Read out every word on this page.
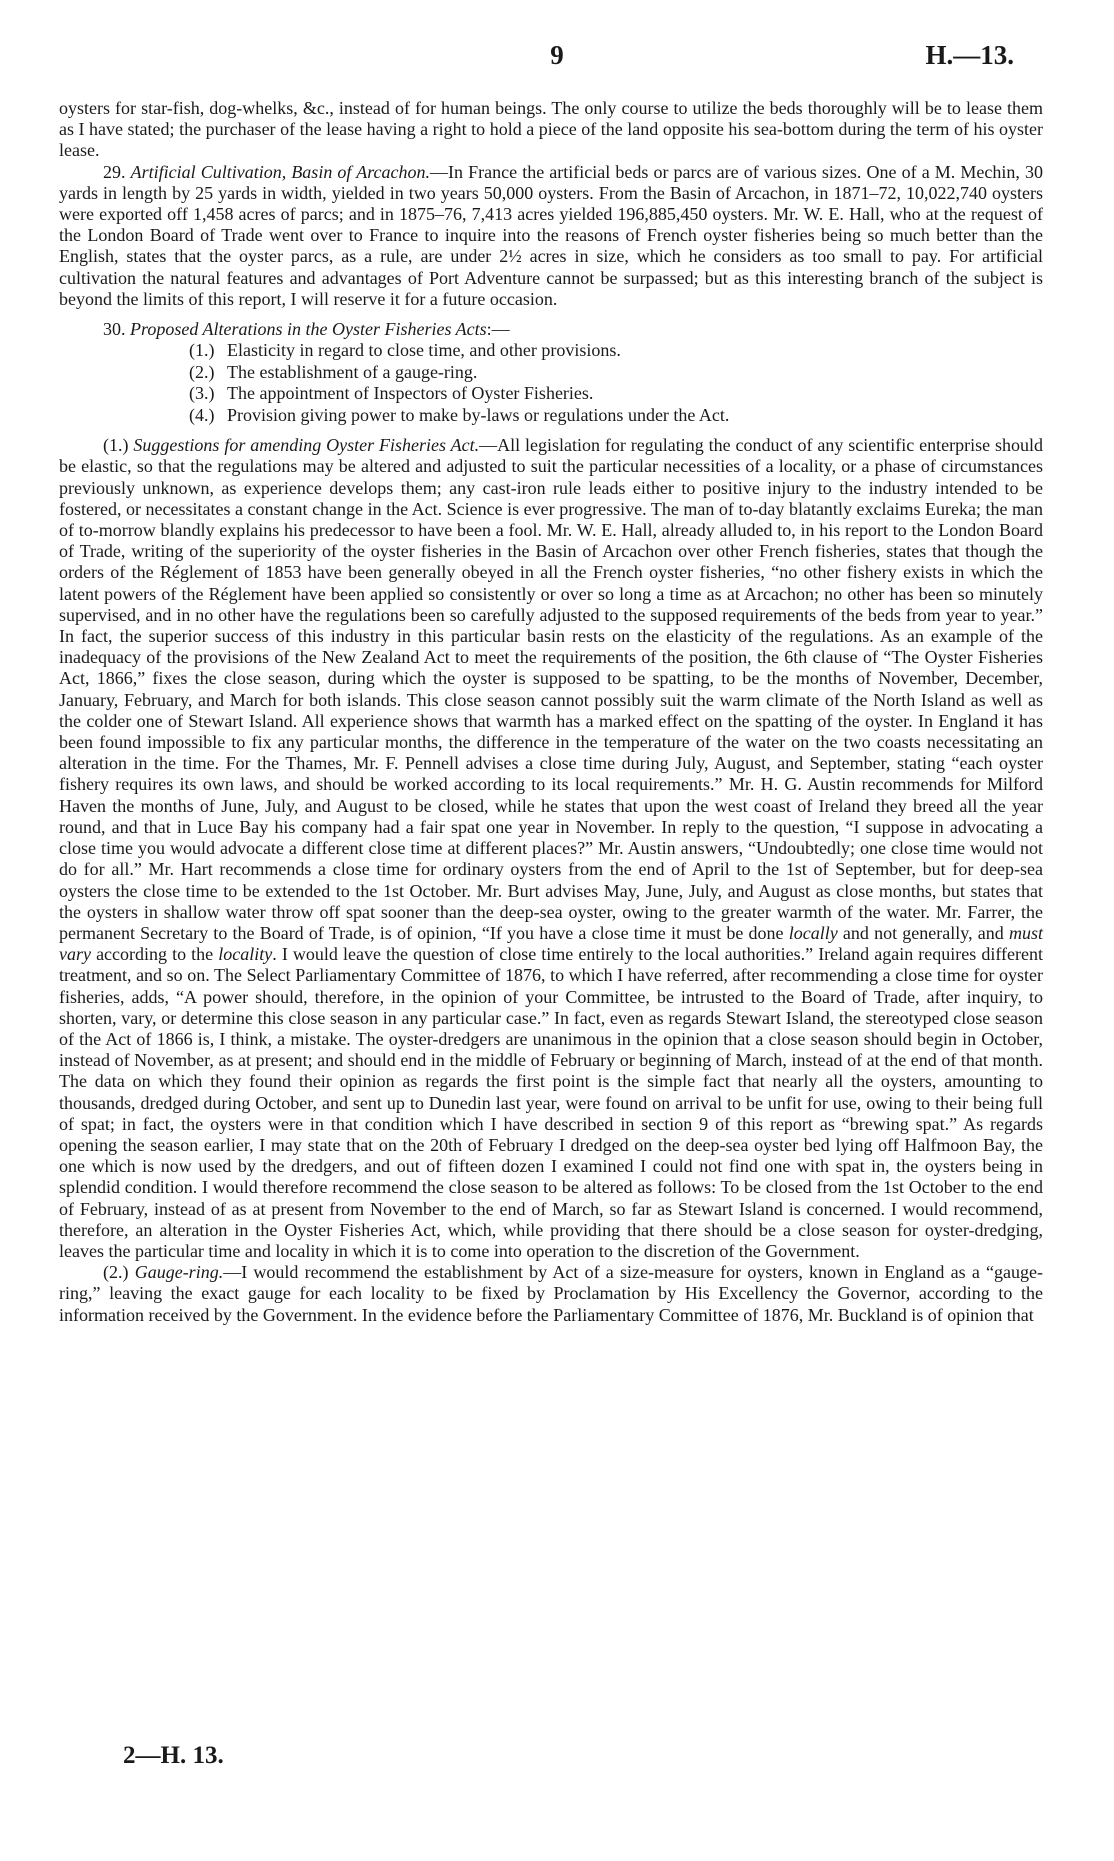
9	H.—13.

oysters for star-fish, dog-whelks, &c., instead of for human beings. The only course to utilize the beds thoroughly will be to lease them as I have stated; the purchaser of the lease having a right to hold a piece of the land opposite his sea-bottom during the term of his oyster lease.

29. Artificial Cultivation, Basin of Arcachon.—In France the artificial beds or parcs are of various sizes. One of a M. Mechin, 30 yards in length by 25 yards in width, yielded in two years 50,000 oysters. From the Basin of Arcachon, in 1871–72, 10,022,740 oysters were exported off 1,458 acres of parcs; and in 1875–76, 7,413 acres yielded 196,885,450 oysters. Mr. W. E. Hall, who at the request of the London Board of Trade went over to France to inquire into the reasons of French oyster fisheries being so much better than the English, states that the oyster parcs, as a rule, are under 2½ acres in size, which he considers as too small to pay. For artificial cultivation the natural features and advantages of Port Adventure cannot be surpassed; but as this interesting branch of the subject is beyond the limits of this report, I will reserve it for a future occasion.

30. Proposed Alterations in the Oyster Fisheries Acts:—

(1.) Elasticity in regard to close time, and other provisions.
(2.) The establishment of a gauge-ring.
(3.) The appointment of Inspectors of Oyster Fisheries.
(4.) Provision giving power to make by-laws or regulations under the Act.

(1.) Suggestions for amending Oyster Fisheries Act.—All legislation for regulating the conduct of any scientific enterprise should be elastic, so that the regulations may be altered and adjusted to suit the particular necessities of a locality, or a phase of circumstances previously unknown, as experience develops them; any cast-iron rule leads either to positive injury to the industry intended to be fostered, or necessitates a constant change in the Act. Science is ever progressive. The man of to-day blatantly exclaims Eureka; the man of to-morrow blandly explains his predecessor to have been a fool. Mr. W. E. Hall, already alluded to, in his report to the London Board of Trade, writing of the superiority of the oyster fisheries in the Basin of Arcachon over other French fisheries, states that though the orders of the Réglement of 1853 have been generally obeyed in all the French oyster fisheries, “no other fishery exists in which the latent powers of the Réglement have been applied so consistently or over so long a time as at Arcachon; no other has been so minutely supervised, and in no other have the regulations been so carefully adjusted to the supposed requirements of the beds from year to year.” In fact, the superior success of this industry in this particular basin rests on the elasticity of the regulations. As an example of the inadequacy of the provisions of the New Zealand Act to meet the requirements of the position, the 6th clause of “The Oyster Fisheries Act, 1866,” fixes the close season, during which the oyster is supposed to be spatting, to be the months of November, December, January, February, and March for both islands. This close season cannot possibly suit the warm climate of the North Island as well as the colder one of Stewart Island. All experience shows that warmth has a marked effect on the spatting of the oyster. In England it has been found impossible to fix any particular months, the difference in the temperature of the water on the two coasts necessitating an alteration in the time. For the Thames, Mr. F. Pennell advises a close time during July, August, and September, stating “each oyster fishery requires its own laws, and should be worked according to its local requirements.” Mr. H. G. Austin recommends for Milford Haven the months of June, July, and August to be closed, while he states that upon the west coast of Ireland they breed all the year round, and that in Luce Bay his company had a fair spat one year in November. In reply to the question, “I suppose in advocating a close time you would advocate a different close time at different places?” Mr. Austin answers, “Undoubtedly; one close time would not do for all.” Mr. Hart recommends a close time for ordinary oysters from the end of April to the 1st of September, but for deep-sea oysters the close time to be extended to the 1st October. Mr. Burt advises May, June, July, and August as close months, but states that the oysters in shallow water throw off spat sooner than the deep-sea oyster, owing to the greater warmth of the water. Mr. Farrer, the permanent Secretary to the Board of Trade, is of opinion, “If you have a close time it must be done locally and not generally, and must vary according to the locality. I would leave the question of close time entirely to the local authorities.” Ireland again requires different treatment, and so on. The Select Parliamentary Committee of 1876, to which I have referred, after recommending a close time for oyster fisheries, adds, “A power should, therefore, in the opinion of your Committee, be intrusted to the Board of Trade, after inquiry, to shorten, vary, or determine this close season in any particular case.” In fact, even as regards Stewart Island, the stereotyped close season of the Act of 1866 is, I think, a mistake. The oyster-dredgers are unanimous in the opinion that a close season should begin in October, instead of November, as at present; and should end in the middle of February or beginning of March, instead of at the end of that month. The data on which they found their opinion as regards the first point is the simple fact that nearly all the oysters, amounting to thousands, dredged during October, and sent up to Dunedin last year, were found on arrival to be unfit for use, owing to their being full of spat; in fact, the oysters were in that condition which I have described in section 9 of this report as “brewing spat.” As regards opening the season earlier, I may state that on the 20th of February I dredged on the deep-sea oyster bed lying off Halfmoon Bay, the one which is now used by the dredgers, and out of fifteen dozen I examined I could not find one with spat in, the oysters being in splendid condition. I would therefore recommend the close season to be altered as follows: To be closed from the 1st October to the end of February, instead of as at present from November to the end of March, so far as Stewart Island is concerned. I would recommend, therefore, an alteration in the Oyster Fisheries Act, which, while providing that there should be a close season for oyster-dredging, leaves the particular time and locality in which it is to come into operation to the discretion of the Government.

(2.) Gauge-ring.—I would recommend the establishment by Act of a size-measure for oysters, known in England as a “gauge-ring,” leaving the exact gauge for each locality to be fixed by Proclamation by His Excellency the Governor, according to the information received by the Government. In the evidence before the Parliamentary Committee of 1876, Mr. Buckland is of opinion that

2—H. 13.
